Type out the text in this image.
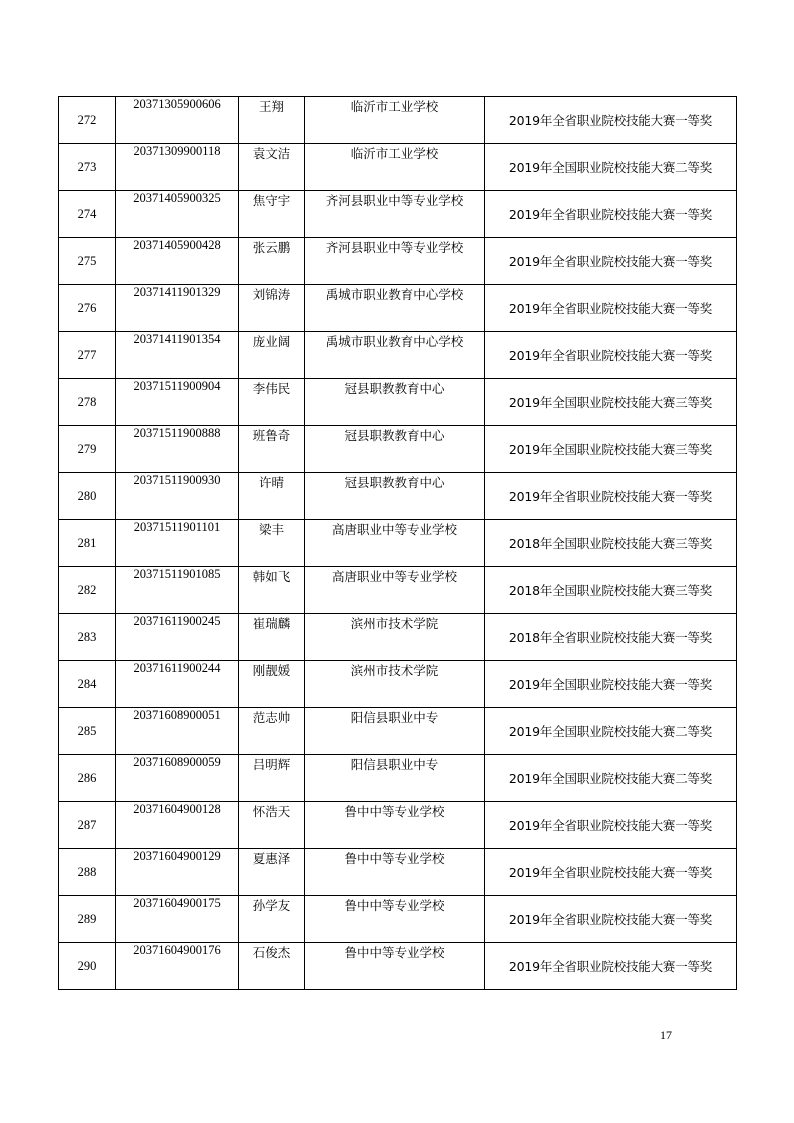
272	20371305900606	王翔	临沂市工业学校	2019年全省职业院校技能大赛一等奖
273	20371309900118	袁文洁	临沂市工业学校	2019年全国职业院校技能大赛二等奖
274	20371405900325	焦守宇	齐河县职业中等专业学校	2019年全省职业院校技能大赛一等奖
275	20371405900428	张云鹏	齐河县职业中等专业学校	2019年全省职业院校技能大赛一等奖
276	20371411901329	刘锦涛	禹城市职业教育中心学校	2019年全省职业院校技能大赛一等奖
277	20371411901354	庞业阔	禹城市职业教育中心学校	2019年全省职业院校技能大赛一等奖
278	20371511900904	李伟民	冠县职教教育中心	2019年全国职业院校技能大赛三等奖
279	20371511900888	班鲁奇	冠县职教教育中心	2019年全国职业院校技能大赛三等奖
280	20371511900930	许晴	冠县职教教育中心	2019年全省职业院校技能大赛一等奖
281	20371511901101	梁丰	高唐职业中等专业学校	2018年全国职业院校技能大赛三等奖
282	20371511901085	韩如飞	高唐职业中等专业学校	2018年全国职业院校技能大赛三等奖
283	20371611900245	崔瑞麟	滨州市技术学院	2018年全省职业院校技能大赛一等奖
284	20371611900244	刚靓媛	滨州市技术学院	2019年全国职业院校技能大赛一等奖
285	20371608900051	范志帅	阳信县职业中专	2019年全国职业院校技能大赛二等奖
286	20371608900059	吕明辉	阳信县职业中专	2019年全国职业院校技能大赛二等奖
287	20371604900128	怀浩天	鲁中中等专业学校	2019年全省职业院校技能大赛一等奖
288	20371604900129	夏惠泽	鲁中中等专业学校	2019年全省职业院校技能大赛一等奖
289	20371604900175	孙学友	鲁中中等专业学校	2019年全省职业院校技能大赛一等奖
290	20371604900176	石俊杰	鲁中中等专业学校	2019年全省职业院校技能大赛一等奖
17
